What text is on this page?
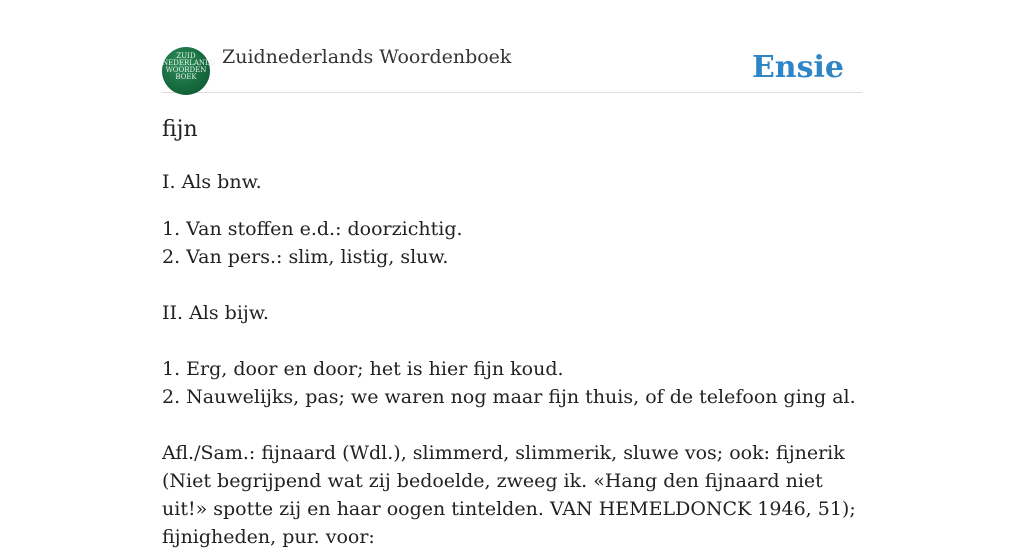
ZUID NEDERLANDS WOORDEN BOEK
Zuidnederlands Woordenboek	Ensie
fijn

I. Als bnw.

1. Van stoffen e.d.: doorzichtig.

2. Van pers.: slim, listig, sluw.

II. Als bijw.

1. Erg, door en door; het is hier fijn koud.

2. Nauwelijks, pas; we waren nog maar fijn thuis, of de telefoon ging al.

Afl./Sam.: fijnaard (Wdl.), slimmerd, slimmerik, sluwe vos; ook: fijnerik (Niet begrijpend wat zij bedoelde, zweeg ik. «Hang den fijnaard niet uit!» spotte zij en haar oogen tintelden. VAN HEMELDONCK 1946, 51); fijnigheden, pur. voor:
